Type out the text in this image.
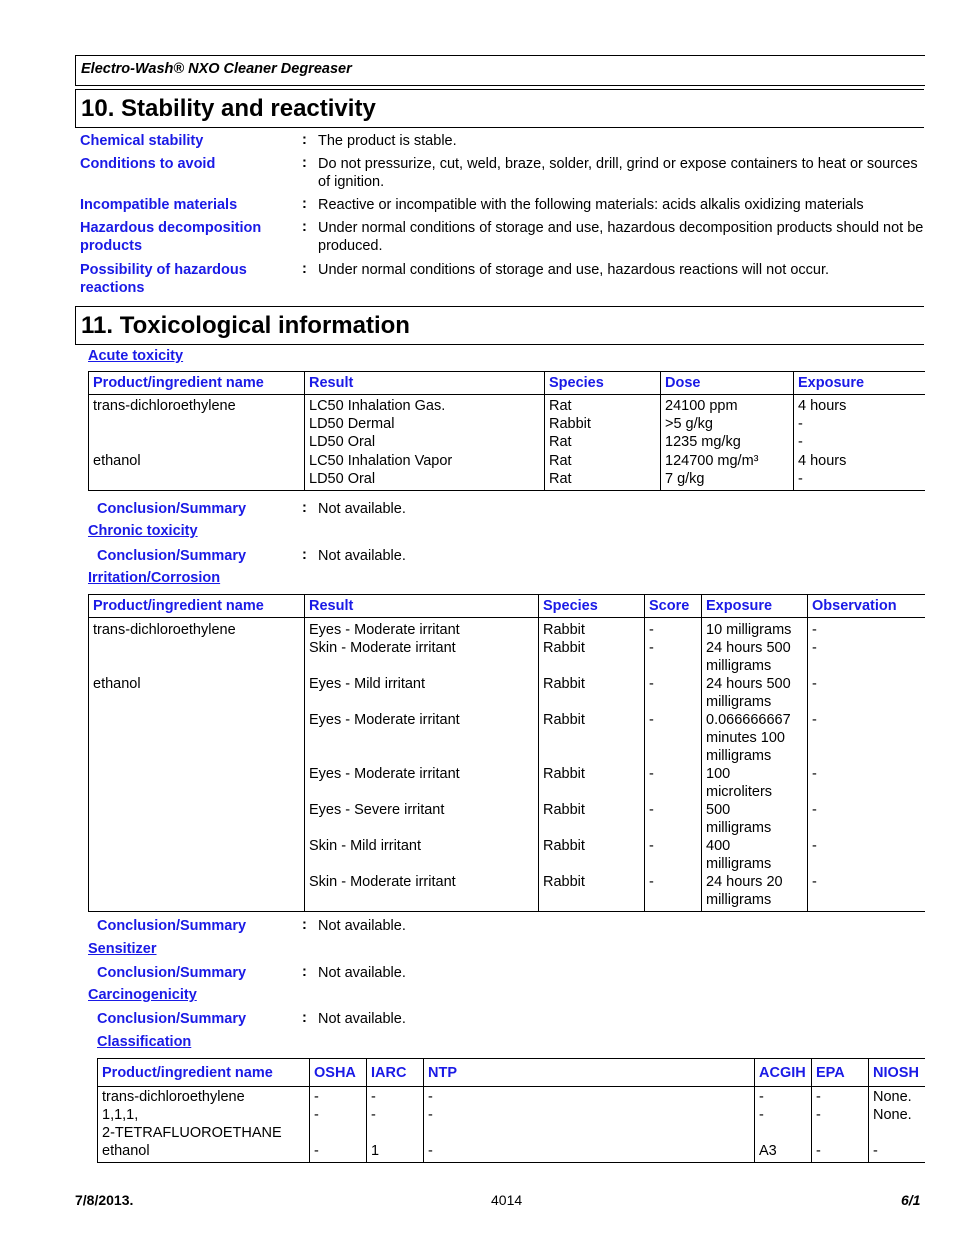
Electro-Wash® NXO Cleaner Degreaser
10. Stability and reactivity
Chemical stability	: The product is stable.
Conditions to avoid	: Do not pressurize, cut, weld, braze, solder, drill, grind or expose containers to heat or sources of ignition.
Incompatible materials	: Reactive or incompatible with the following materials: acids alkalis oxidizing materials
Hazardous decomposition products
: Under normal conditions of storage and use, hazardous decomposition products should not be produced.
Possibility of hazardous reactions
: Under normal conditions of storage and use, hazardous reactions will not occur.
11. Toxicological information
Acute toxicity
Product/ingredient name	Result	Species	Dose	Exposure
trans-dichloroethylene	LC50 Inhalation Gas.	Rat	24100 ppm	4 hours
	LD50 Dermal	Rabbit	>5 g/kg	-
	LD50 Oral	Rat	1235 mg/kg	-
ethanol	LC50 Inhalation Vapor	Rat	124700 mg/m³	4 hours
	LD50 Oral	Rat	7 g/kg	-
Conclusion/Summary	: Not available.
Chronic toxicity
Conclusion/Summary	: Not available.
Irritation/Corrosion
Product/ingredient name	Result	Species	Score	Exposure	Observation
trans-dichloroethylene	Eyes - Moderate irritant	Rabbit	-	10 milligrams	-
	Skin - Moderate irritant	Rabbit	-	24 hours 500
milligrams	-
ethanol	Eyes - Mild irritant	Rabbit	-	24 hours 500
milligrams	-
	Eyes - Moderate irritant	Rabbit	-	0.066666667
minutes 100
milligrams	-
	Eyes - Moderate irritant	Rabbit	-	100
microliters	-
	Eyes - Severe irritant	Rabbit	-	500
milligrams	-
	Skin - Mild irritant	Rabbit	-	400
milligrams	-
	Skin - Moderate irritant	Rabbit	-	24 hours 20
milligrams	-
Conclusion/Summary	: Not available.
Sensitizer
Conclusion/Summary	: Not available.
Carcinogenicity
Conclusion/Summary	: Not available.
Classification
Product/ingredient name	OSHA	IARC	NTP	ACGIH	EPA	NIOSH

trans-dichloroethylene	-	-	-	-	-	None.

1,1,1,
2-TETRAFLUOROETHANE	-	-	-	-	-	None.

ethanol	-	1	-	A3	-	-
7/8/2013.	4014	6/1
